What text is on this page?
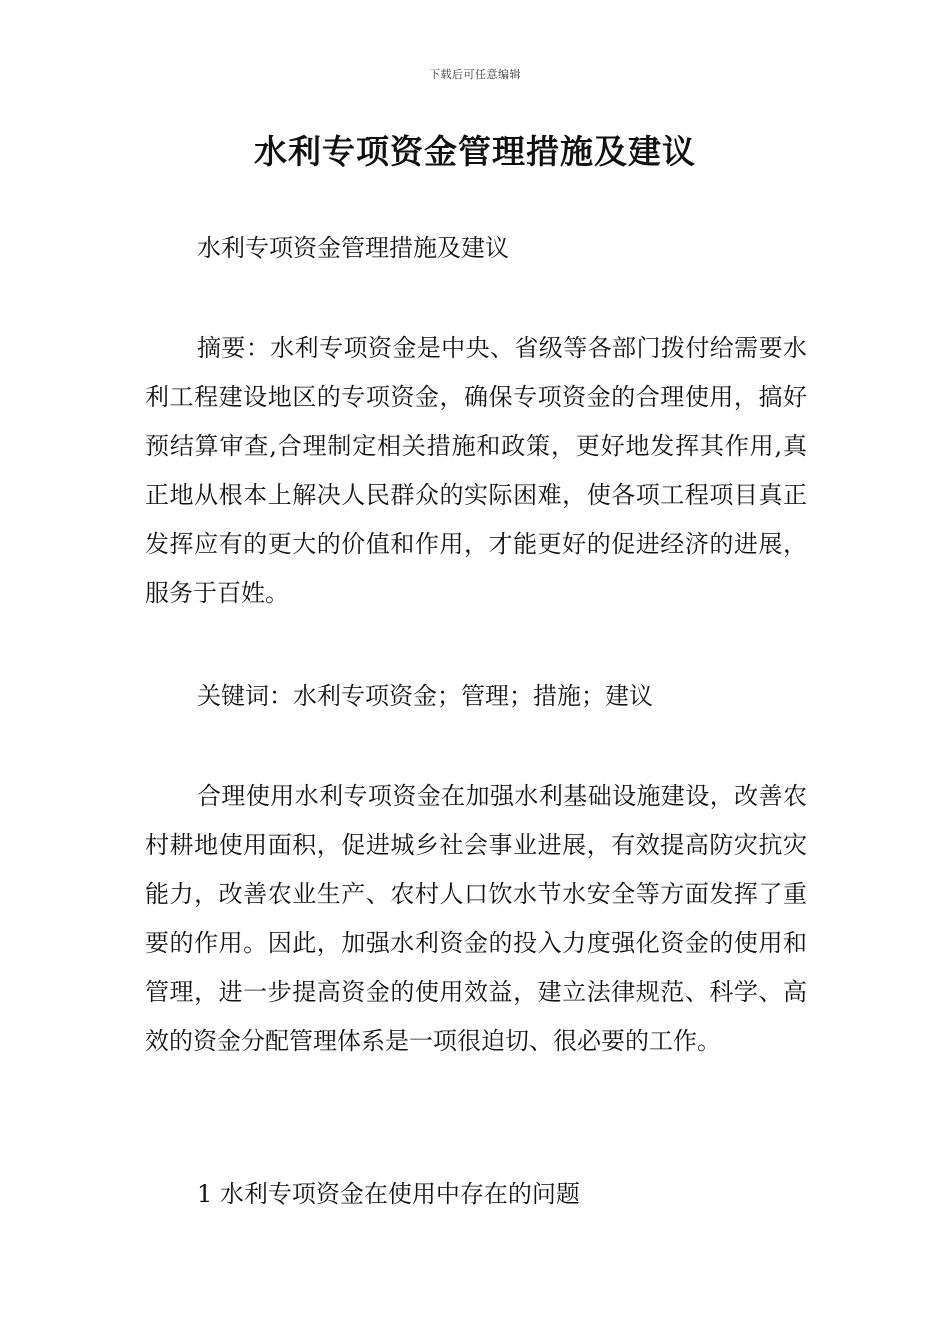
下载后可任意编辑
水利专项资金管理措施及建议

水利专项资金管理措施及建议

摘要：水利专项资金是中央、省级等各部门拨付给需要水利工程建设地区的专项资金，确保专项资金的合理使用，搞好预结算审查,合理制定相关措施和政策，更好地发挥其作用,真正地从根本上解决人民群众的实际困难，使各项工程项目真正发挥应有的更大的价值和作用，才能更好的促进经济的进展，服务于百姓。

关键词：水利专项资金；管理；措施；建议

合理使用水利专项资金在加强水利基础设施建设，改善农村耕地使用面积，促进城乡社会事业进展，有效提高防灾抗灾能力，改善农业生产、农村人口饮水节水安全等方面发挥了重要的作用。因此，加强水利资金的投入力度强化资金的使用和管理，进一步提高资金的使用效益，建立法律规范、科学、高效的资金分配管理体系是一项很迫切、很必要的工作。

1 水利专项资金在使用中存在的问题
